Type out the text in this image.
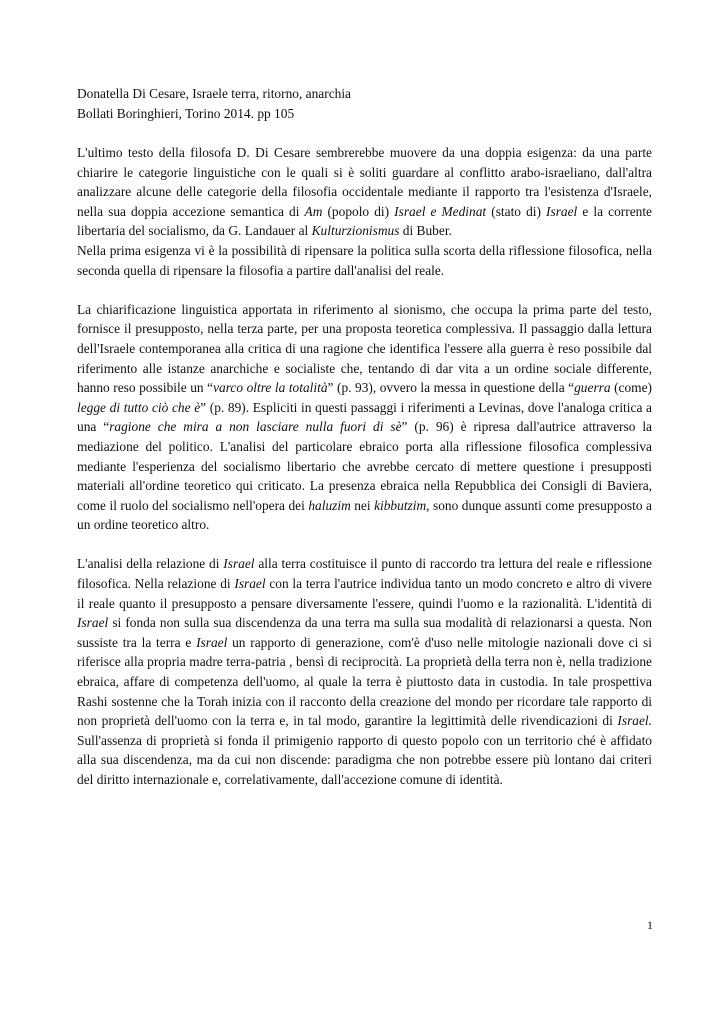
Donatella Di Cesare, Israele terra, ritorno, anarchia
Bollati Boringhieri, Torino 2014. pp 105

L'ultimo testo della filosofa D. Di Cesare sembrerebbe muovere da una doppia esigenza: da una parte chiarire le categorie linguistiche con le quali si è soliti guardare al conflitto arabo-israeliano, dall'altra analizzare alcune delle categorie della filosofia occidentale mediante il rapporto tra l'esistenza d'Israele, nella sua doppia accezione semantica di Am (popolo di) Israel e Medinat (stato di) Israel e la corrente libertaria del socialismo, da G. Landauer al Kulturzionismus di Buber.

Nella prima esigenza vi è la possibilità di ripensare la politica sulla scorta della riflessione filosofica, nella seconda quella di ripensare la filosofia a partire dall'analisi del reale.

La chiarificazione linguistica apportata in riferimento al sionismo, che occupa la prima parte del testo, fornisce il presupposto, nella terza parte, per una proposta teoretica complessiva. Il passaggio dalla lettura dell'Israele contemporanea alla critica di una ragione che identifica l'essere alla guerra è reso possibile dal riferimento alle istanze anarchiche e socialiste che, tentando di dar vita a un ordine sociale differente, hanno reso possibile un “varco oltre la totalità” (p. 93), ovvero la messa in questione della “guerra (come) legge di tutto ciò che è” (p. 89). Espliciti in questi passaggi i riferimenti a Levinas, dove l'analoga critica a una “ragione che mira a non lasciare nulla fuori di sè” (p. 96) è ripresa dall'autrice attraverso la mediazione del politico. L'analisi del particolare ebraico porta alla riflessione filosofica complessiva mediante l'esperienza del socialismo libertario che avrebbe cercato di mettere questione i presupposti materiali all'ordine teoretico qui criticato. La presenza ebraica nella Repubblica dei Consigli di Baviera, come il ruolo del socialismo nell'opera dei haluzim nei kibbutzim, sono dunque assunti come presupposto a un ordine teoretico altro.

L'analisi della relazione di Israel alla terra costituisce il punto di raccordo tra lettura del reale e riflessione filosofica. Nella relazione di Israel con la terra l'autrice individua tanto un modo concreto e altro di vivere il reale quanto il presupposto a pensare diversamente l'essere, quindi l'uomo e la razionalità. L'identità di Israel si fonda non sulla sua discendenza da una terra ma sulla sua modalità di relazionarsi a questa. Non sussiste tra la terra e Israel un rapporto di generazione, com'è d'uso nelle mitologie nazionali dove ci si riferisce alla propria madre terra-patria , bensì di reciprocità. La proprietà della terra non è, nella tradizione ebraica, affare di competenza dell'uomo, al quale la terra è piuttosto data in custodia. In tale prospettiva Rashi sostenne che la Torah inizia con il racconto della creazione del mondo per ricordare tale rapporto di non proprietà dell'uomo con la terra e, in tal modo, garantire la legittimità delle rivendicazioni di Israel. Sull'assenza di proprietà si fonda il primigenio rapporto di questo popolo con un territorio ché è affidato alla sua discendenza, ma da cui non discende: paradigma che non potrebbe essere più lontano dai criteri del diritto internazionale e, correlativamente, dall'accezione comune di identità.

1
